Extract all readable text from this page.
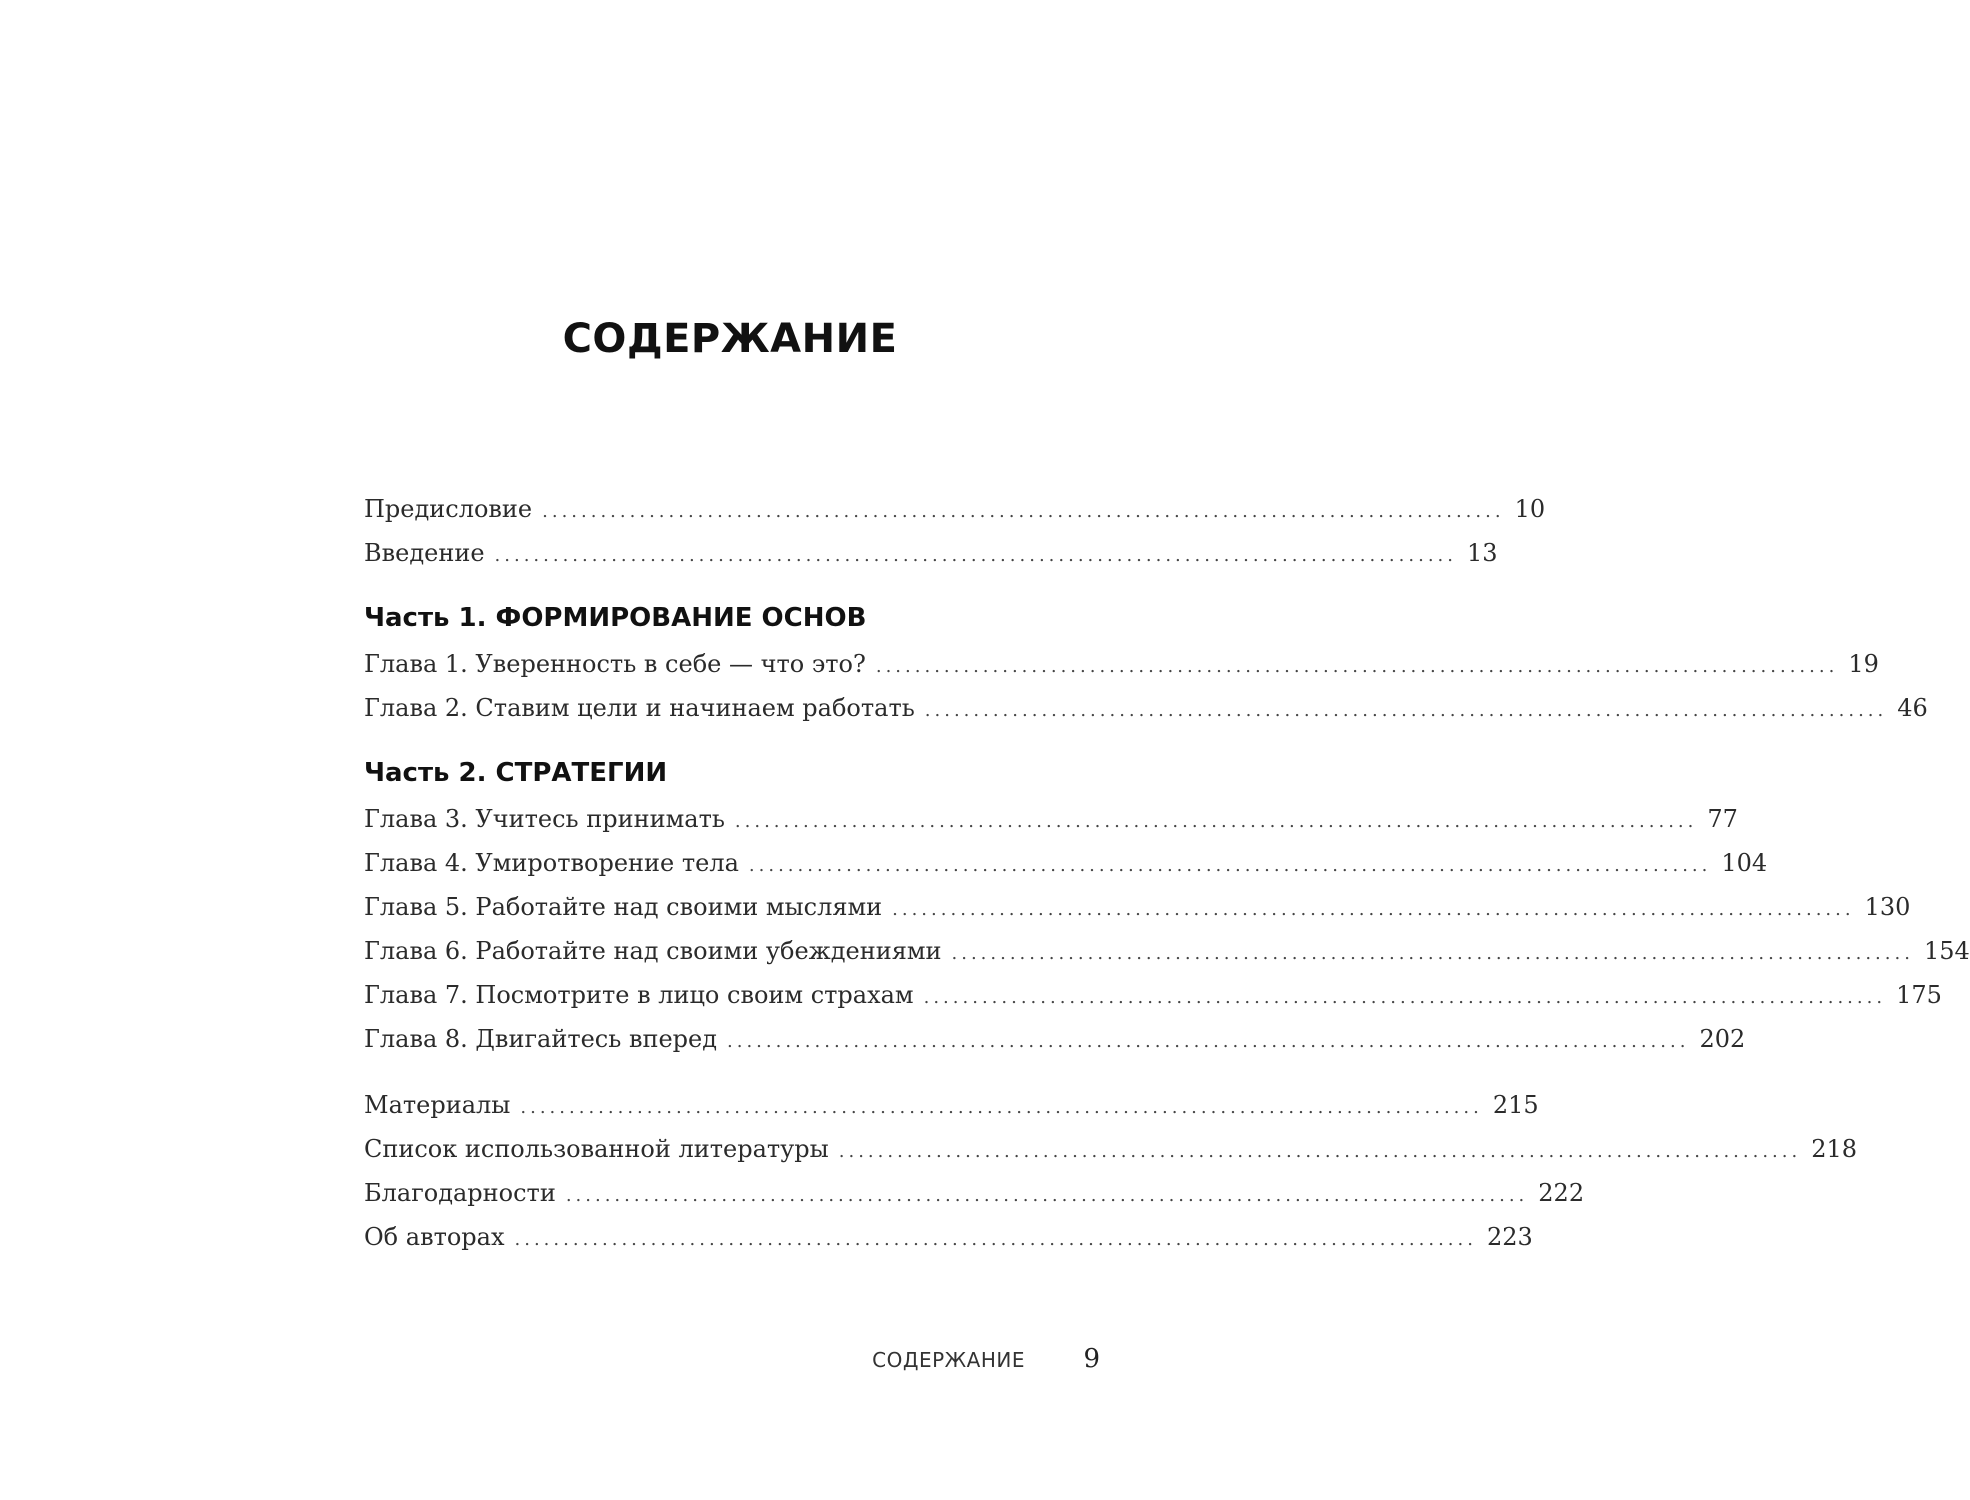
СОДЕРЖАНИЕ
Предисловие ................................................................................................... 10
Введение ................................................................................................... 13
Часть 1. ФОРМИРОВАНИЕ ОСНОВ
Глава 1. Уверенность в себе — что это? ................................................................................................... 19
Глава 2. Ставим цели и начинаем работать ................................................................................................... 46
Часть 2. СТРАТЕГИИ
Глава 3. Учитесь принимать ................................................................................................... 77
Глава 4. Умиротворение тела ................................................................................................... 104
Глава 5. Работайте над своими мыслями ................................................................................................... 130
Глава 6. Работайте над своими убеждениями ................................................................................................... 154
Глава 7. Посмотрите в лицо своим страхам ................................................................................................... 175
Глава 8. Двигайтесь вперед ................................................................................................... 202
Материалы ................................................................................................... 215
Список использованной литературы ................................................................................................... 218
Благодарности ................................................................................................... 222
Об авторах ................................................................................................... 223
СОДЕРЖАНИЕ 9
